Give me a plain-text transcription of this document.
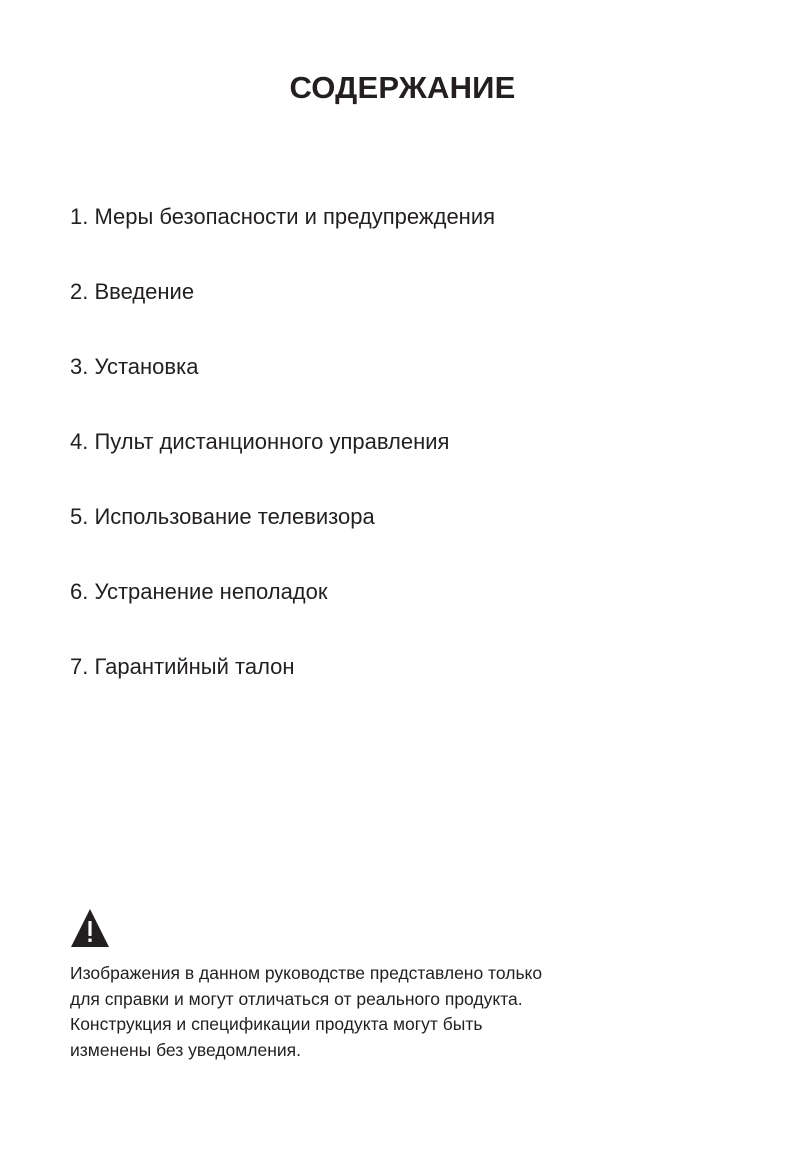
СОДЕРЖАНИЕ
1. Меры безопасности и предупреждения
2. Введение
3. Установка
4. Пульт дистанционного управления
5. Использование телевизора
6. Устранение неполадок
7. Гарантийный талон

Изображения в данном руководстве представлено только
для справки и могут отличаться от реального продукта.
Конструкция и спецификации продукта могут быть
изменены без уведомления.
